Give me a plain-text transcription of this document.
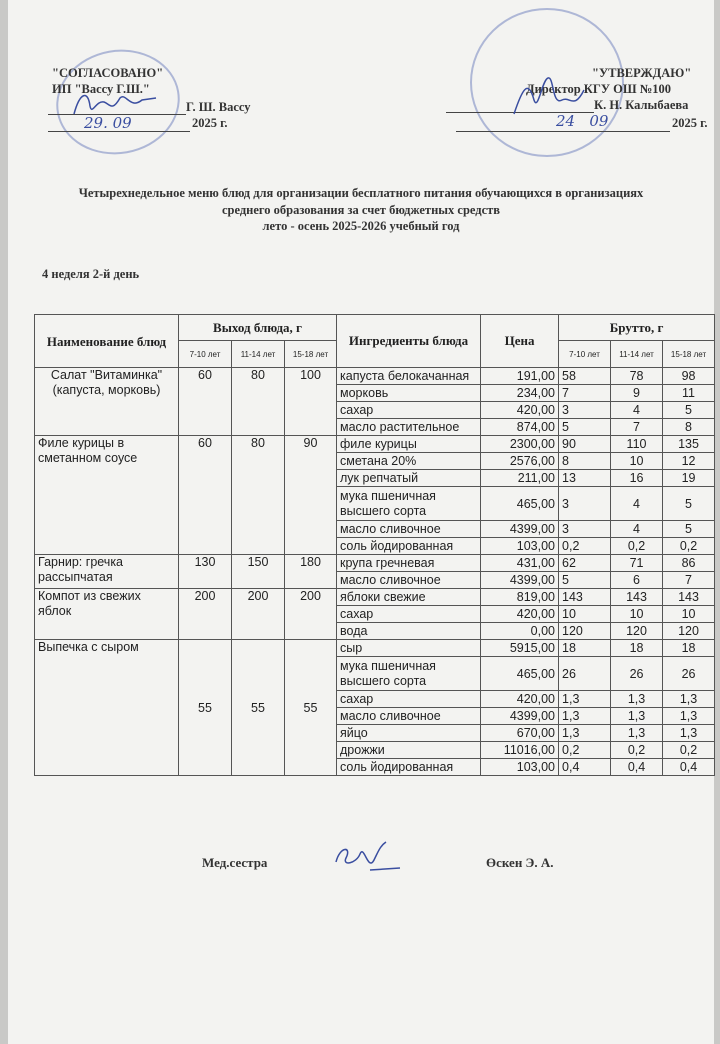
"СОГЛАСОВАНО"
ИП "Вассу Г.Ш."
Г. Ш. Вассу
29. 09	2025 г.
"УТВЕРЖДАЮ"
Директор КГУ ОШ №100
К. Н. Калыбаева
24   09	2025 г.
Четырехнедельное меню блюд для организации бесплатного питания обучающихся в организациях
среднего образования за счет бюджетных средств
лето - осень 2025-2026 учебный год
4 неделя 2-й день
Наименование блюд	Выход блюда, г			Ингредиенты блюда	Цена	Брутто, г		
	7-10 лет	11-14 лет	15-18 лет			7-10 лет	11-14 лет	15-18 лет
Салат "Витаминка" (капуста, морковь)	60	80	100	капуста белокачанная	191,00	58	78	98
				морковь	234,00	7	9	11
				сахар	420,00	3	4	5
				масло растительное	874,00	5	7	8
Филе курицы в сметанном соусе	60	80	90	филе курицы	2300,00	90	110	135
				сметана 20%	2576,00	8	10	12
				лук репчатый	211,00	13	16	19
				мука пшеничная высшего сорта	465,00	3	4	5
				масло сливочное	4399,00	3	4	5
				соль йодированная	103,00	0,2	0,2	0,2
Гарнир: гречка рассыпчатая	130	150	180	крупа гречневая	431,00	62	71	86
				масло сливочное	4399,00	5	6	7
Компот из свежих яблок	200	200	200	яблоки свежие	819,00	143	143	143
				сахар	420,00	10	10	10
				вода	0,00	120	120	120
Выпечка с сыром	55	55	55	сыр	5915,00	18	18	18
				мука пшеничная высшего сорта	465,00	26	26	26
				сахар	420,00	1,3	1,3	1,3
				масло сливочное	4399,00	1,3	1,3	1,3
				яйцо	670,00	1,3	1,3	1,3
				дрожжи	11016,00	0,2	0,2	0,2
				соль йодированная	103,00	0,4	0,4	0,4
Мед.сестра	Өскен Э. А.
